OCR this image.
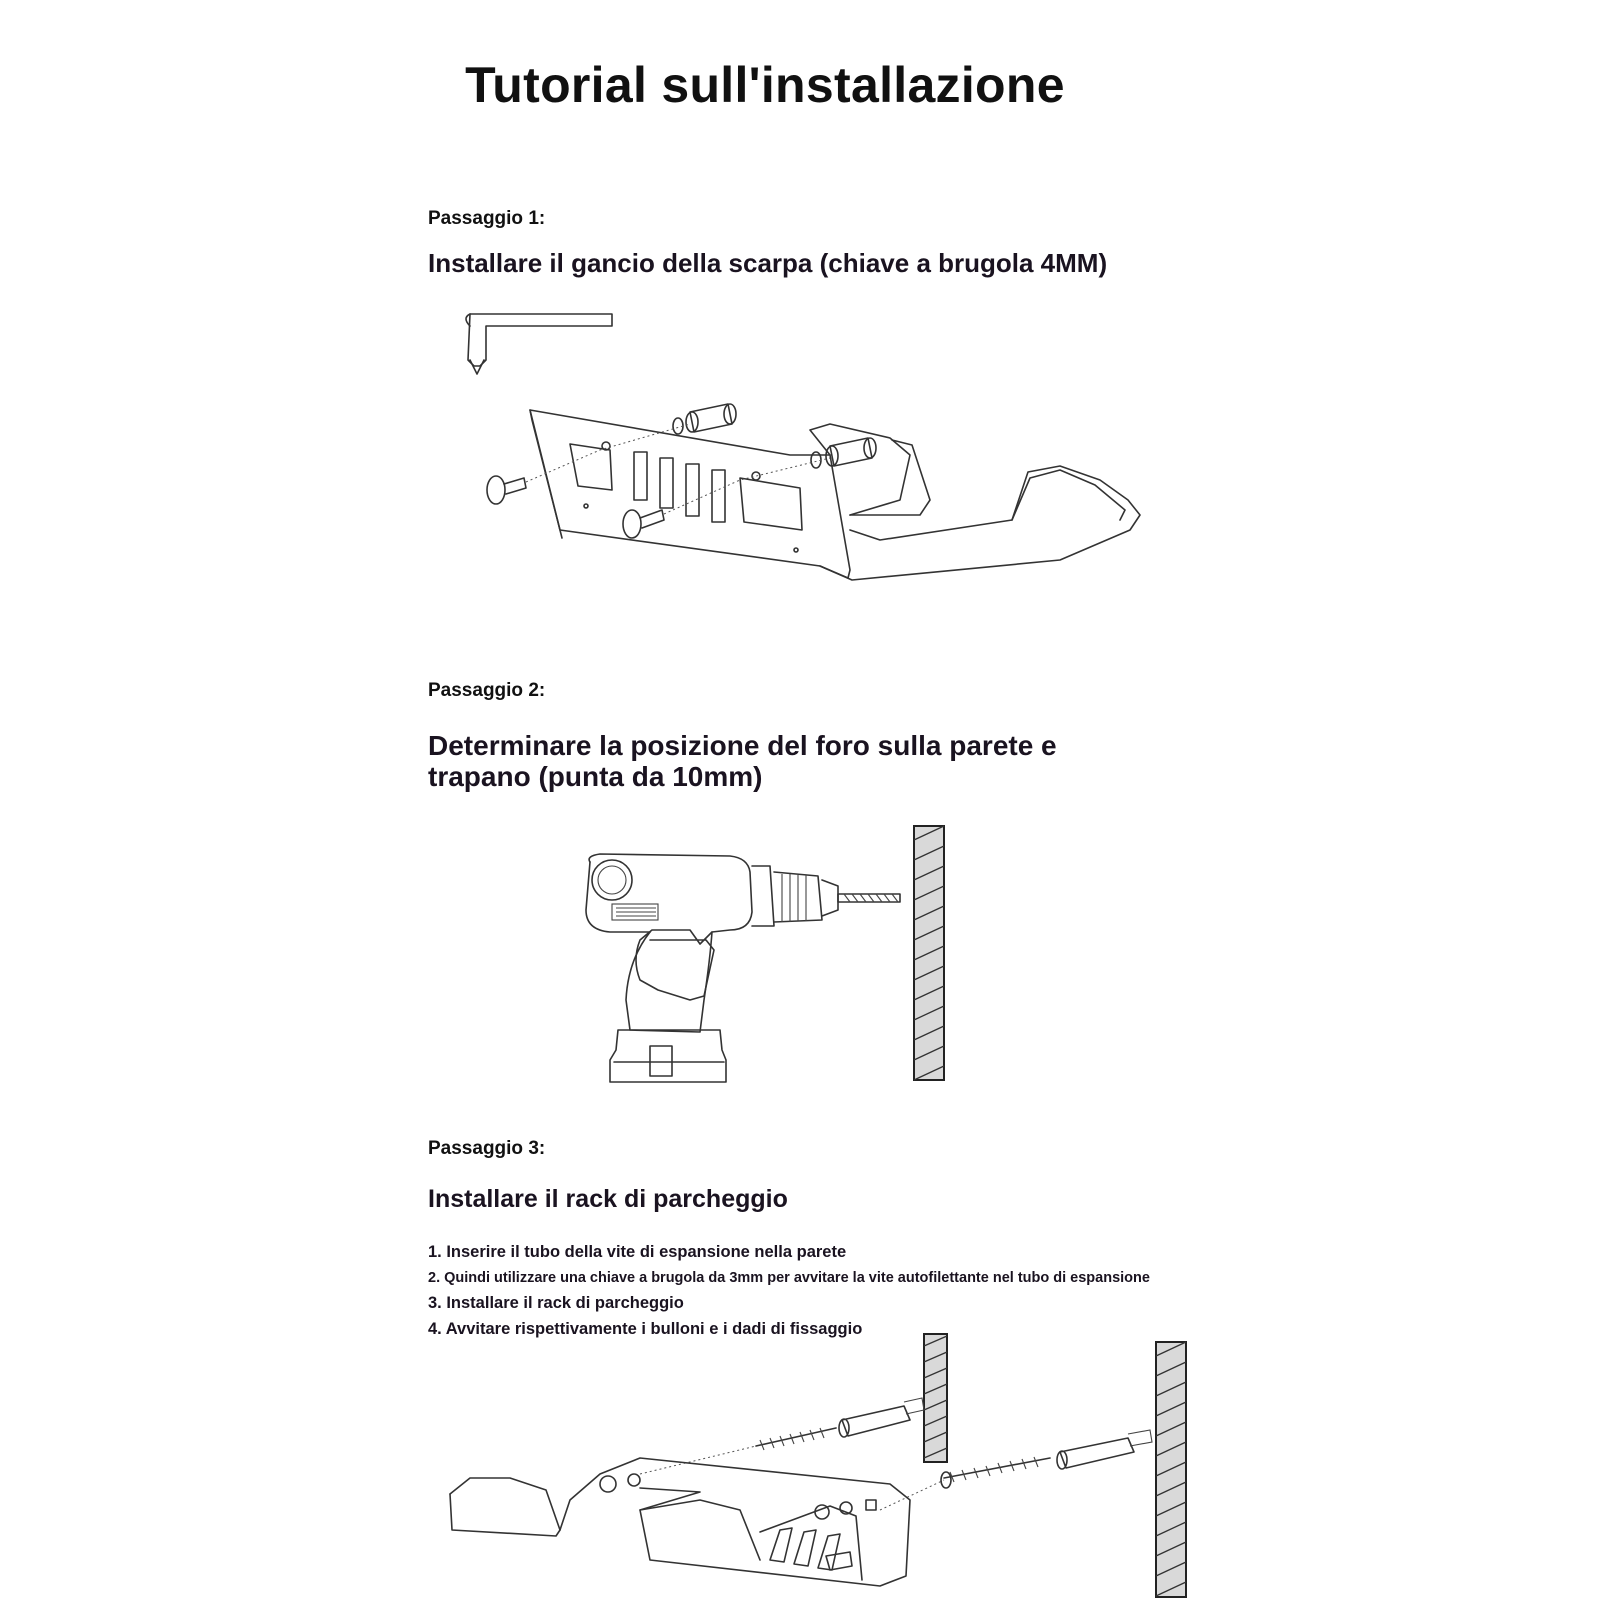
Tutorial sull'installazione
Passaggio 1:
Installare il gancio della scarpa (chiave a brugola 4MM)
Passaggio 2:
Determinare la posizione del foro sulla parete e
trapano (punta da 10mm)
Passaggio 3:
Installare il rack di parcheggio
1. Inserire il tubo della vite di espansione nella parete
2. Quindi utilizzare una chiave a brugola da 3mm per avvitare la vite autofilettante nel tubo di espansione
3. Installare il rack di parcheggio
4. Avvitare rispettivamente i bulloni e i dadi di fissaggio
